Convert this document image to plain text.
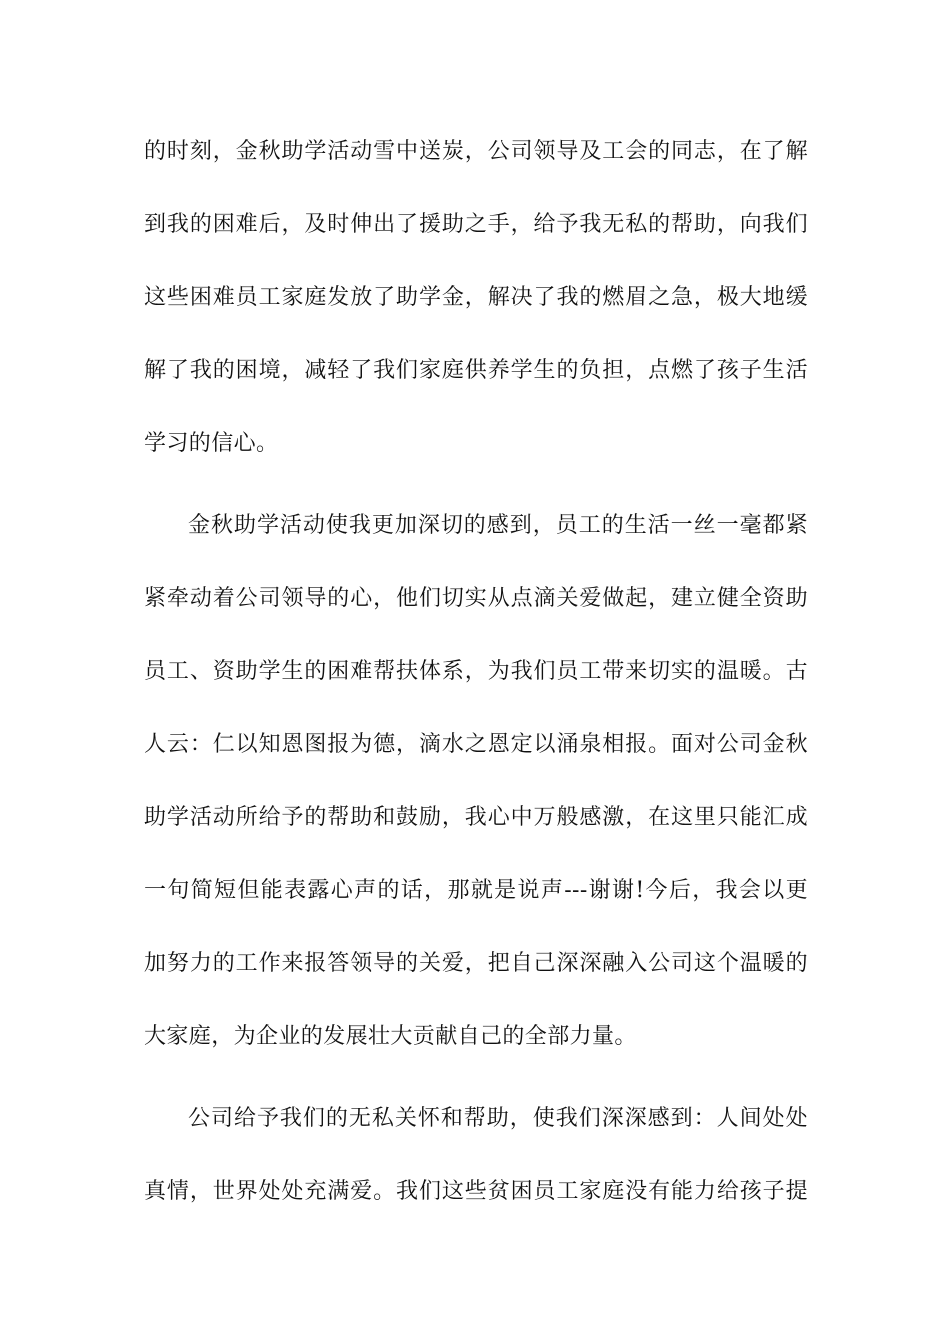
的时刻，金秋助学活动雪中送炭，公司领导及工会的同志，在了解
到我的困难后，及时伸出了援助之手，给予我无私的帮助，向我们
这些困难员工家庭发放了助学金，解决了我的燃眉之急，极大地缓
解了我的困境，减轻了我们家庭供养学生的负担，点燃了孩子生活
学习的信心。
金秋助学活动使我更加深切的感到，员工的生活一丝一毫都紧
紧牵动着公司领导的心，他们切实从点滴关爱做起，建立健全资助
员工、资助学生的困难帮扶体系，为我们员工带来切实的温暖。古
人云：仁以知恩图报为德，滴水之恩定以涌泉相报。面对公司金秋
助学活动所给予的帮助和鼓励，我心中万般感激，在这里只能汇成
一句简短但能表露心声的话，那就是说声---谢谢!今后，我会以更
加努力的工作来报答领导的关爱，把自己深深融入公司这个温暖的
大家庭，为企业的发展壮大贡献自己的全部力量。
公司给予我们的无私关怀和帮助，使我们深深感到：人间处处
真情，世界处处充满爱。我们这些贫困员工家庭没有能力给孩子提
